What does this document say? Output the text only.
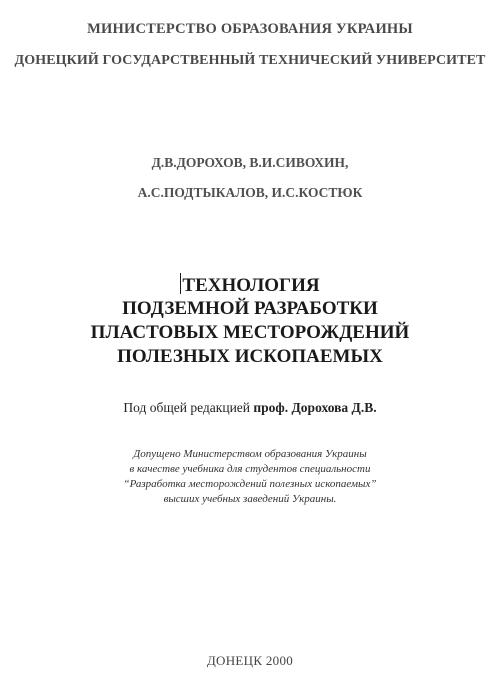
МИНИСТЕРСТВО ОБРАЗОВАНИЯ УКРАИНЫ
ДОНЕЦКИЙ ГОСУДАРСТВЕННЫЙ ТЕХНИЧЕСКИЙ УНИВЕРСИТЕТ
Д.В.ДОРОХОВ, В.И.СИВОХИН,
А.С.ПОДТЫКАЛОВ, И.С.КОСТЮК
ТЕХНОЛОГИЯ
ПОДЗЕМНОЙ РАЗРАБОТКИ
ПЛАСТОВЫХ МЕСТОРОЖДЕНИЙ
ПОЛЕЗНЫХ ИСКОПАЕМЫХ
Под общей редакцией проф. Дорохова Д.В.
Допущено Министерством образования Украины
в качестве учебника для студентов специальности
“Разработка месторождений полезных ископаемых”
высших учебных заведений Украины.
ДОНЕЦК 2000
